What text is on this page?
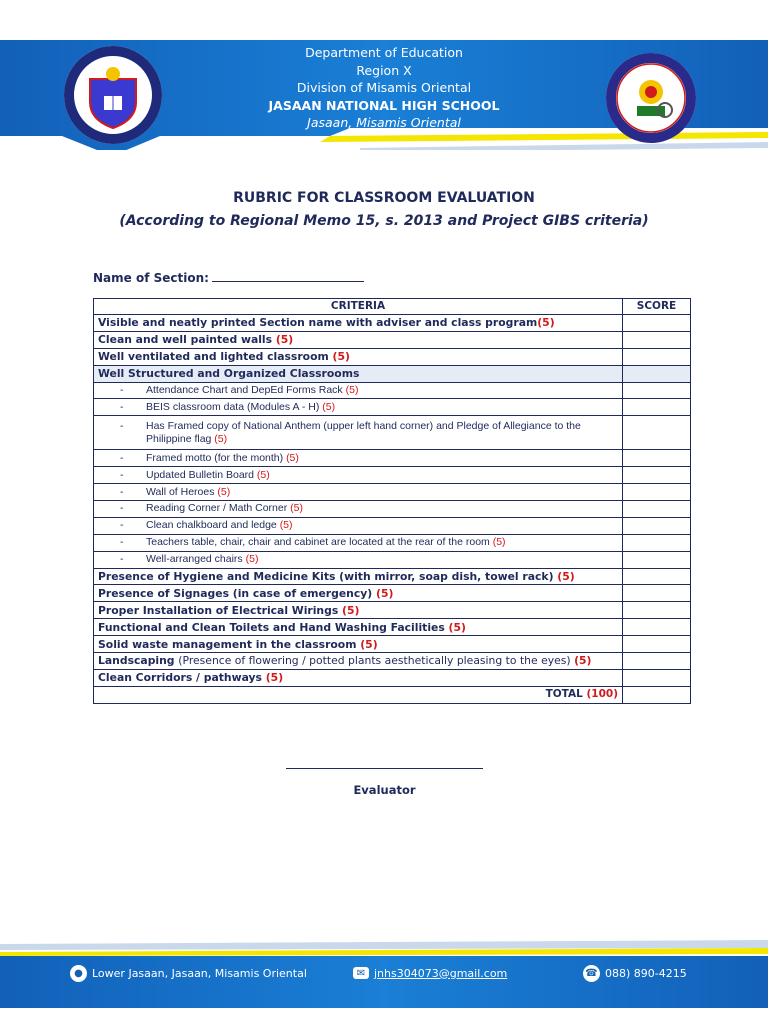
Department of Education
Region X
Division of Misamis Oriental
JASAAN NATIONAL HIGH SCHOOL
Jasaan, Misamis Oriental
RUBRIC FOR CLASSROOM EVALUATION
(According to Regional Memo 15, s. 2013 and Project GIBS criteria)
Name of Section:
CRITERIA	SCORE
Visible and neatly printed Section name with adviser and class program(5)	
Clean and well painted walls (5)	
Well ventilated and lighted classroom (5)	
Well Structured and Organized Classrooms	

- Attendance Chart and DepEd Forms Rack (5)	

- BEIS classroom data (Modules A - H) (5)	

- Has Framed copy of National Anthem (upper left hand corner) and Pledge of Allegiance to the Philippine flag (5)	

- Framed motto (for the month) (5)	

- Updated Bulletin Board (5)	

- Wall of Heroes (5)	

- Reading Corner / Math Corner (5)	

- Clean chalkboard and ledge (5)	

- Teachers table, chair, chair and cabinet are located at the rear of the room (5)	

- Well-arranged chairs (5)	

Presence of Hygiene and Medicine Kits (with mirror, soap dish, towel rack) (5)	
Presence of Signages (in case of emergency) (5)	
Proper Installation of Electrical Wirings (5)	
Functional and Clean Toilets and Hand Washing Facilities (5)	
Solid waste management in the classroom (5)	
Landscaping (Presence of flowering / potted plants aesthetically pleasing to the eyes) (5)	
Clean Corridors / pathways (5)	
TOTAL (100)	
Evaluator
● Lower Jasaan, Jasaan, Misamis Oriental	✉ jnhs304073@gmail.com	☎ 088) 890-4215
